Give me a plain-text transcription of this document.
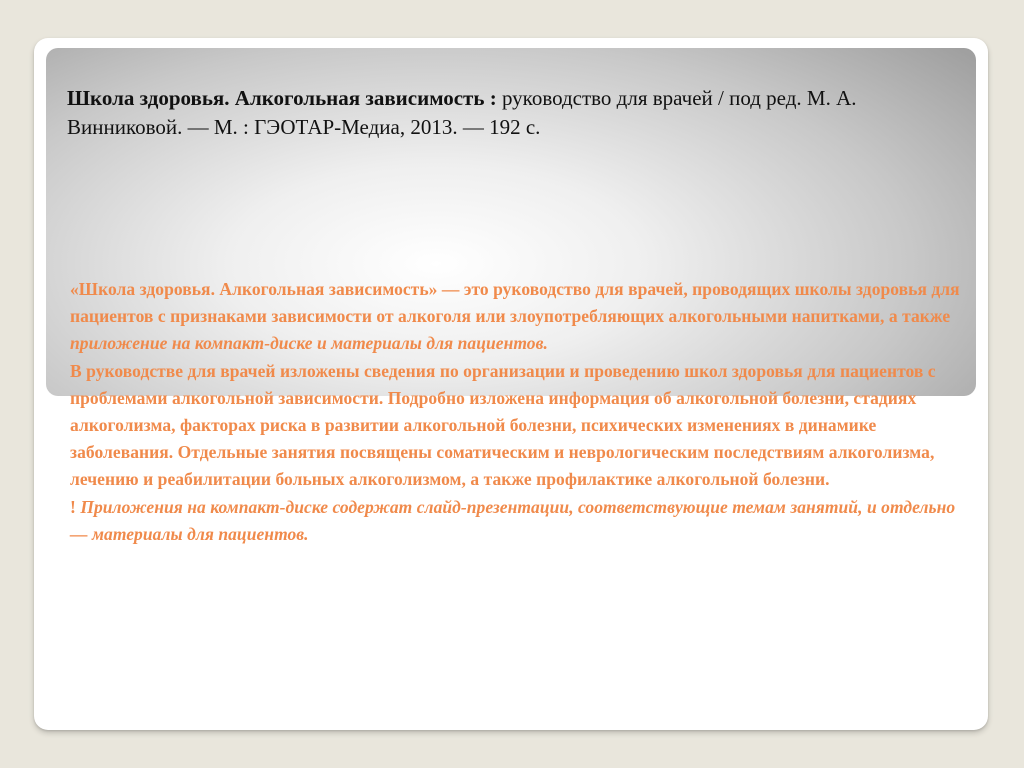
Школа здоровья. Алкогольная зависимость : руководство для врачей / под ред. М. А. Винниковой. — М. : ГЭОТАР-Медиа, 2013. — 192 с.

«Школа здоровья. Алкогольная зависимость» — это руководство для врачей, проводящих школы здоровья для пациентов с признаками зависимости от алкоголя или злоупотребляющих алкогольными напитками, а также приложение на компакт-диске и материалы для пациентов.

В руководстве для врачей изложены сведения по организации и проведению школ здоровья для пациентов с проблемами алкогольной зависимости. Подробно изложена информация об алкогольной болезни, стадиях алкоголизма, факторах риска в развитии алкогольной болезни, психических изменениях в динамике заболевания. Отдельные занятия посвящены соматическим и неврологическим последствиям алкоголизма, лечению и реабилитации больных алкоголизмом, а также профилактике алкогольной болезни.

! Приложения на компакт-диске содержат слайд-презентации, соответствующие темам занятий, и отдельно — материалы для пациентов.
